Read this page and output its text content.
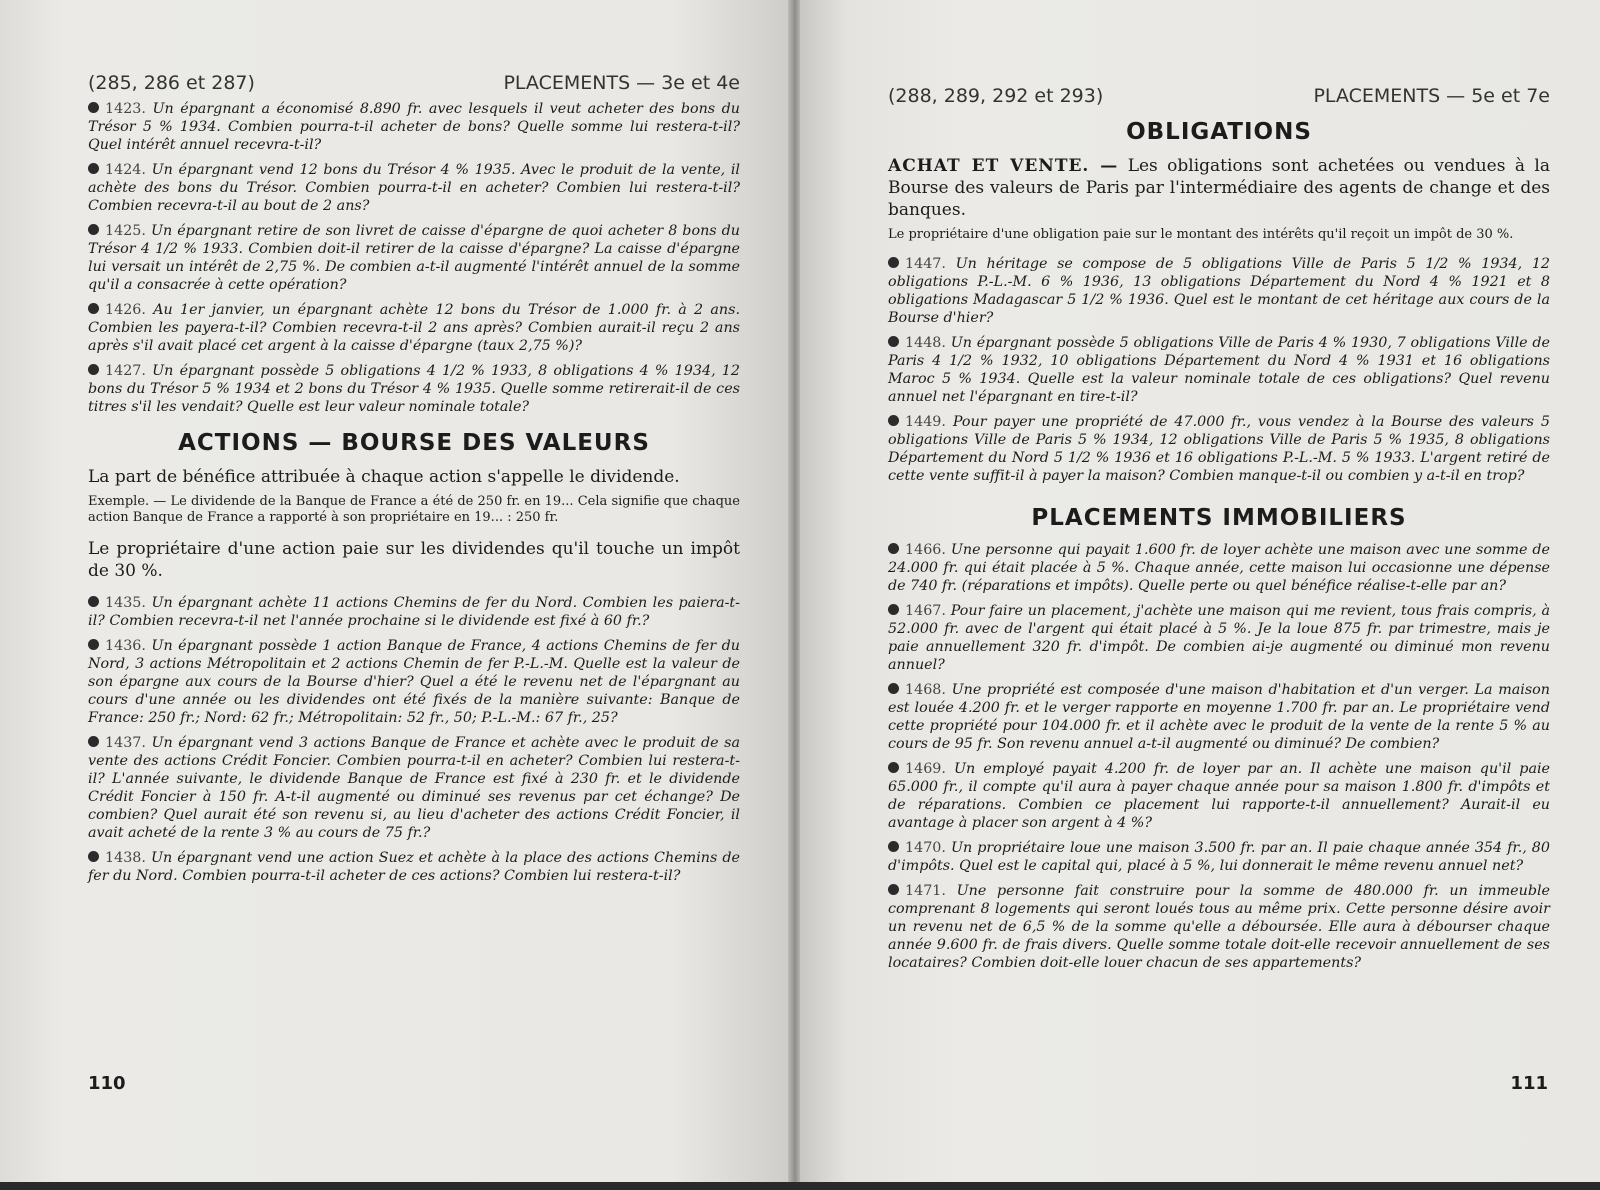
(285, 286 et 287)	PLACEMENTS — 3e et 4e

1423. Un épargnant a économisé 8.890 fr. avec lesquels il veut acheter des bons du Trésor 5 % 1934. Combien pourra-t-il acheter de bons? Quelle somme lui restera-t-il? Quel intérêt annuel recevra-t-il?

1424. Un épargnant vend 12 bons du Trésor 4 % 1935. Avec le produit de la vente, il achète des bons du Trésor. Combien pourra-t-il en acheter? Combien lui restera-t-il? Combien recevra-t-il au bout de 2 ans?

1425. Un épargnant retire de son livret de caisse d'épargne de quoi acheter 8 bons du Trésor 4 1/2 % 1933. Combien doit-il retirer de la caisse d'épargne? La caisse d'épargne lui versait un intérêt de 2,75 %. De combien a-t-il augmenté l'intérêt annuel de la somme qu'il a consacrée à cette opération?

1426. Au 1er janvier, un épargnant achète 12 bons du Trésor de 1.000 fr. à 2 ans. Combien les payera-t-il? Combien recevra-t-il 2 ans après? Combien aurait-il reçu 2 ans après s'il avait placé cet argent à la caisse d'épargne (taux 2,75 %)?

1427. Un épargnant possède 5 obligations 4 1/2 % 1933, 8 obligations 4 % 1934, 12 bons du Trésor 5 % 1934 et 2 bons du Trésor 4 % 1935. Quelle somme retirerait-il de ces titres s'il les vendait? Quelle est leur valeur nominale totale?

ACTIONS — BOURSE DES VALEURS

La part de bénéfice attribuée à chaque action s'appelle le dividende.

Exemple. — Le dividende de la Banque de France a été de 250 fr. en 19... Cela signifie que chaque action Banque de France a rapporté à son propriétaire en 19... : 250 fr.

Le propriétaire d'une action paie sur les dividendes qu'il touche un impôt de 30 %.

1435. Un épargnant achète 11 actions Chemins de fer du Nord. Combien les paiera-t-il? Combien recevra-t-il net l'année prochaine si le dividende est fixé à 60 fr.?

1436. Un épargnant possède 1 action Banque de France, 4 actions Chemins de fer du Nord, 3 actions Métropolitain et 2 actions Chemin de fer P.-L.-M. Quelle est la valeur de son épargne aux cours de la Bourse d'hier? Quel a été le revenu net de l'épargnant au cours d'une année ou les dividendes ont été fixés de la manière suivante: Banque de France: 250 fr.; Nord: 62 fr.; Métropolitain: 52 fr., 50; P.-L.-M.: 67 fr., 25?

1437. Un épargnant vend 3 actions Banque de France et achète avec le produit de sa vente des actions Crédit Foncier. Combien pourra-t-il en acheter? Combien lui restera-t-il? L'année suivante, le dividende Banque de France est fixé à 230 fr. et le dividende Crédit Foncier à 150 fr. A-t-il augmenté ou diminué ses revenus par cet échange? De combien? Quel aurait été son revenu si, au lieu d'acheter des actions Crédit Foncier, il avait acheté de la rente 3 % au cours de 75 fr.?

1438. Un épargnant vend une action Suez et achète à la place des actions Chemins de fer du Nord. Combien pourra-t-il acheter de ces actions? Combien lui restera-t-il?

110
(288, 289, 292 et 293)	PLACEMENTS — 5e et 7e
OBLIGATIONS

ACHAT ET VENTE. — Les obligations sont achetées ou vendues à la Bourse des valeurs de Paris par l'intermédiaire des agents de change et des banques.

Le propriétaire d'une obligation paie sur le montant des intérêts qu'il reçoit un impôt de 30 %.

1447. Un héritage se compose de 5 obligations Ville de Paris 5 1/2 % 1934, 12 obligations P.-L.-M. 6 % 1936, 13 obligations Département du Nord 4 % 1921 et 8 obligations Madagascar 5 1/2 % 1936. Quel est le montant de cet héritage aux cours de la Bourse d'hier?

1448. Un épargnant possède 5 obligations Ville de Paris 4 % 1930, 7 obligations Ville de Paris 4 1/2 % 1932, 10 obligations Département du Nord 4 % 1931 et 16 obligations Maroc 5 % 1934. Quelle est la valeur nominale totale de ces obligations? Quel revenu annuel net l'épargnant en tire-t-il?

1449. Pour payer une propriété de 47.000 fr., vous vendez à la Bourse des valeurs 5 obligations Ville de Paris 5 % 1934, 12 obligations Ville de Paris 5 % 1935, 8 obligations Département du Nord 5 1/2 % 1936 et 16 obligations P.-L.-M. 5 % 1933. L'argent retiré de cette vente suffit-il à payer la maison? Combien manque-t-il ou combien y a-t-il en trop?

PLACEMENTS IMMOBILIERS

1466. Une personne qui payait 1.600 fr. de loyer achète une maison avec une somme de 24.000 fr. qui était placée à 5 %. Chaque année, cette maison lui occasionne une dépense de 740 fr. (réparations et impôts). Quelle perte ou quel bénéfice réalise-t-elle par an?

1467. Pour faire un placement, j'achète une maison qui me revient, tous frais compris, à 52.000 fr. avec de l'argent qui était placé à 5 %. Je la loue 875 fr. par trimestre, mais je paie annuellement 320 fr. d'impôt. De combien ai-je augmenté ou diminué mon revenu annuel?

1468. Une propriété est composée d'une maison d'habitation et d'un verger. La maison est louée 4.200 fr. et le verger rapporte en moyenne 1.700 fr. par an. Le propriétaire vend cette propriété pour 104.000 fr. et il achète avec le produit de la vente de la rente 5 % au cours de 95 fr. Son revenu annuel a-t-il augmenté ou diminué? De combien?

1469. Un employé payait 4.200 fr. de loyer par an. Il achète une maison qu'il paie 65.000 fr., il compte qu'il aura à payer chaque année pour sa maison 1.800 fr. d'impôts et de réparations. Combien ce placement lui rapporte-t-il annuellement? Aurait-il eu avantage à placer son argent à 4 %?

1470. Un propriétaire loue une maison 3.500 fr. par an. Il paie chaque année 354 fr., 80 d'impôts. Quel est le capital qui, placé à 5 %, lui donnerait le même revenu annuel net?

1471. Une personne fait construire pour la somme de 480.000 fr. un immeuble comprenant 8 logements qui seront loués tous au même prix. Cette personne désire avoir un revenu net de 6,5 % de la somme qu'elle a déboursée. Elle aura à débourser chaque année 9.600 fr. de frais divers. Quelle somme totale doit-elle recevoir annuellement de ses locataires? Combien doit-elle louer chacun de ses appartements?

111
